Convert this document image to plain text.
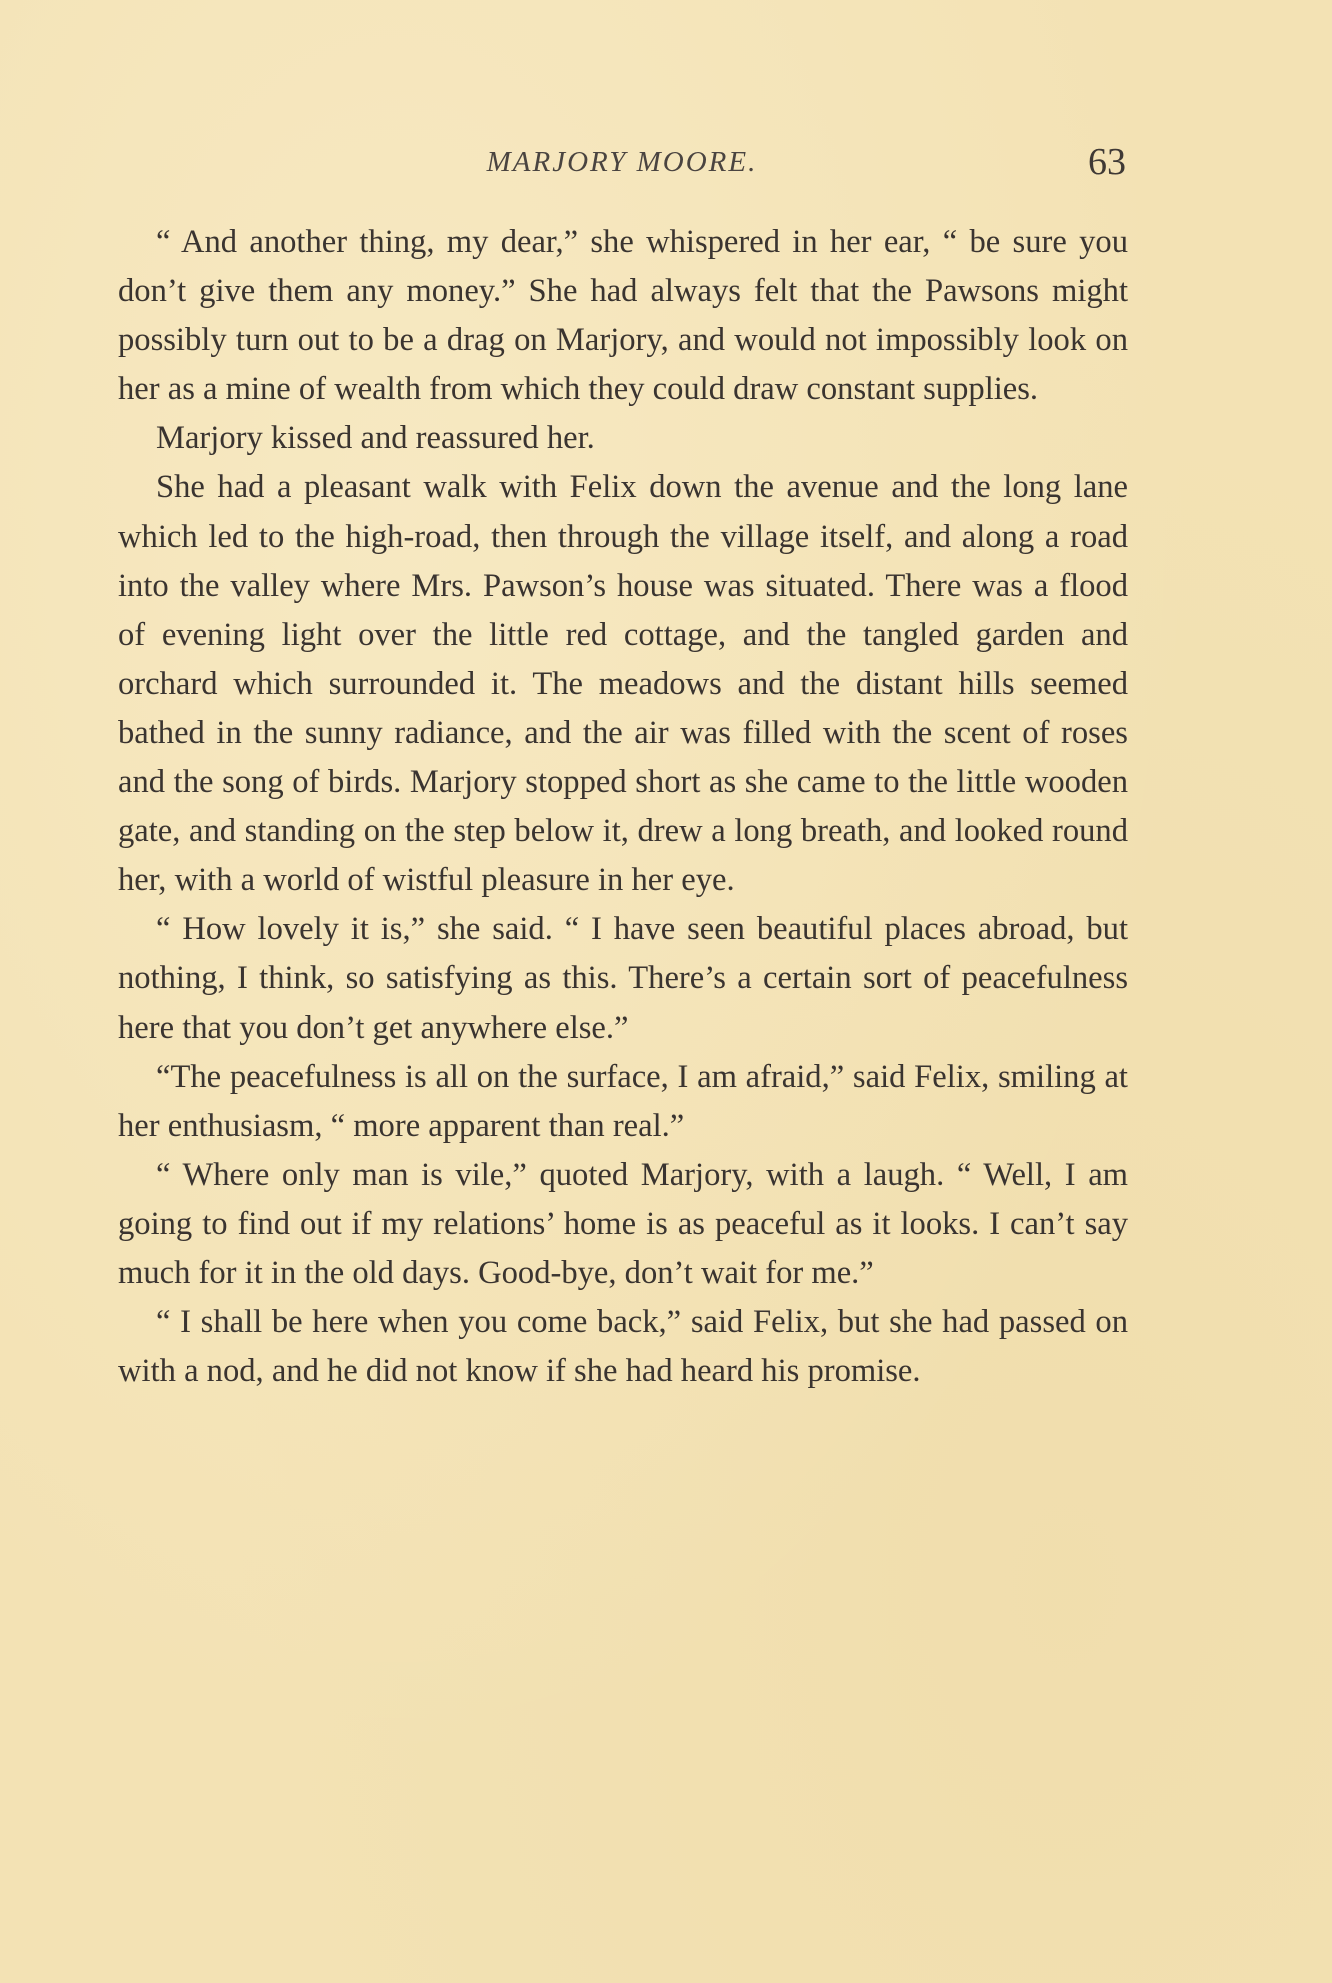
MARJORY MOORE.	63

“ And another thing, my dear,” she whispered in her ear, “ be sure you don’t give them any money.” She had always felt that the Pawsons might possibly turn out to be a drag on Marjory, and would not impossibly look on her as a mine of wealth from which they could draw constant supplies.

Marjory kissed and reassured her.

She had a pleasant walk with Felix down the avenue and the long lane which led to the high-road, then through the village itself, and along a road into the valley where Mrs. Pawson’s house was situated. There was a flood of evening light over the little red cottage, and the tangled garden and orchard which surrounded it. The meadows and the distant hills seemed bathed in the sunny radiance, and the air was filled with the scent of roses and the song of birds. Marjory stopped short as she came to the little wooden gate, and standing on the step below it, drew a long breath, and looked round her, with a world of wistful pleasure in her eye.

“ How lovely it is,” she said. “ I have seen beautiful places abroad, but nothing, I think, so satisfying as this. There’s a certain sort of peacefulness here that you don’t get anywhere else.”

“The peacefulness is all on the surface, I am afraid,” said Felix, smiling at her enthusiasm, “ more apparent than real.”

“ Where only man is vile,” quoted Marjory, with a laugh. “ Well, I am going to find out if my relations’ home is as peaceful as it looks. I can’t say much for it in the old days. Good-bye, don’t wait for me.”

“ I shall be here when you come back,” said Felix, but she had passed on with a nod, and he did not know if she had heard his promise.
